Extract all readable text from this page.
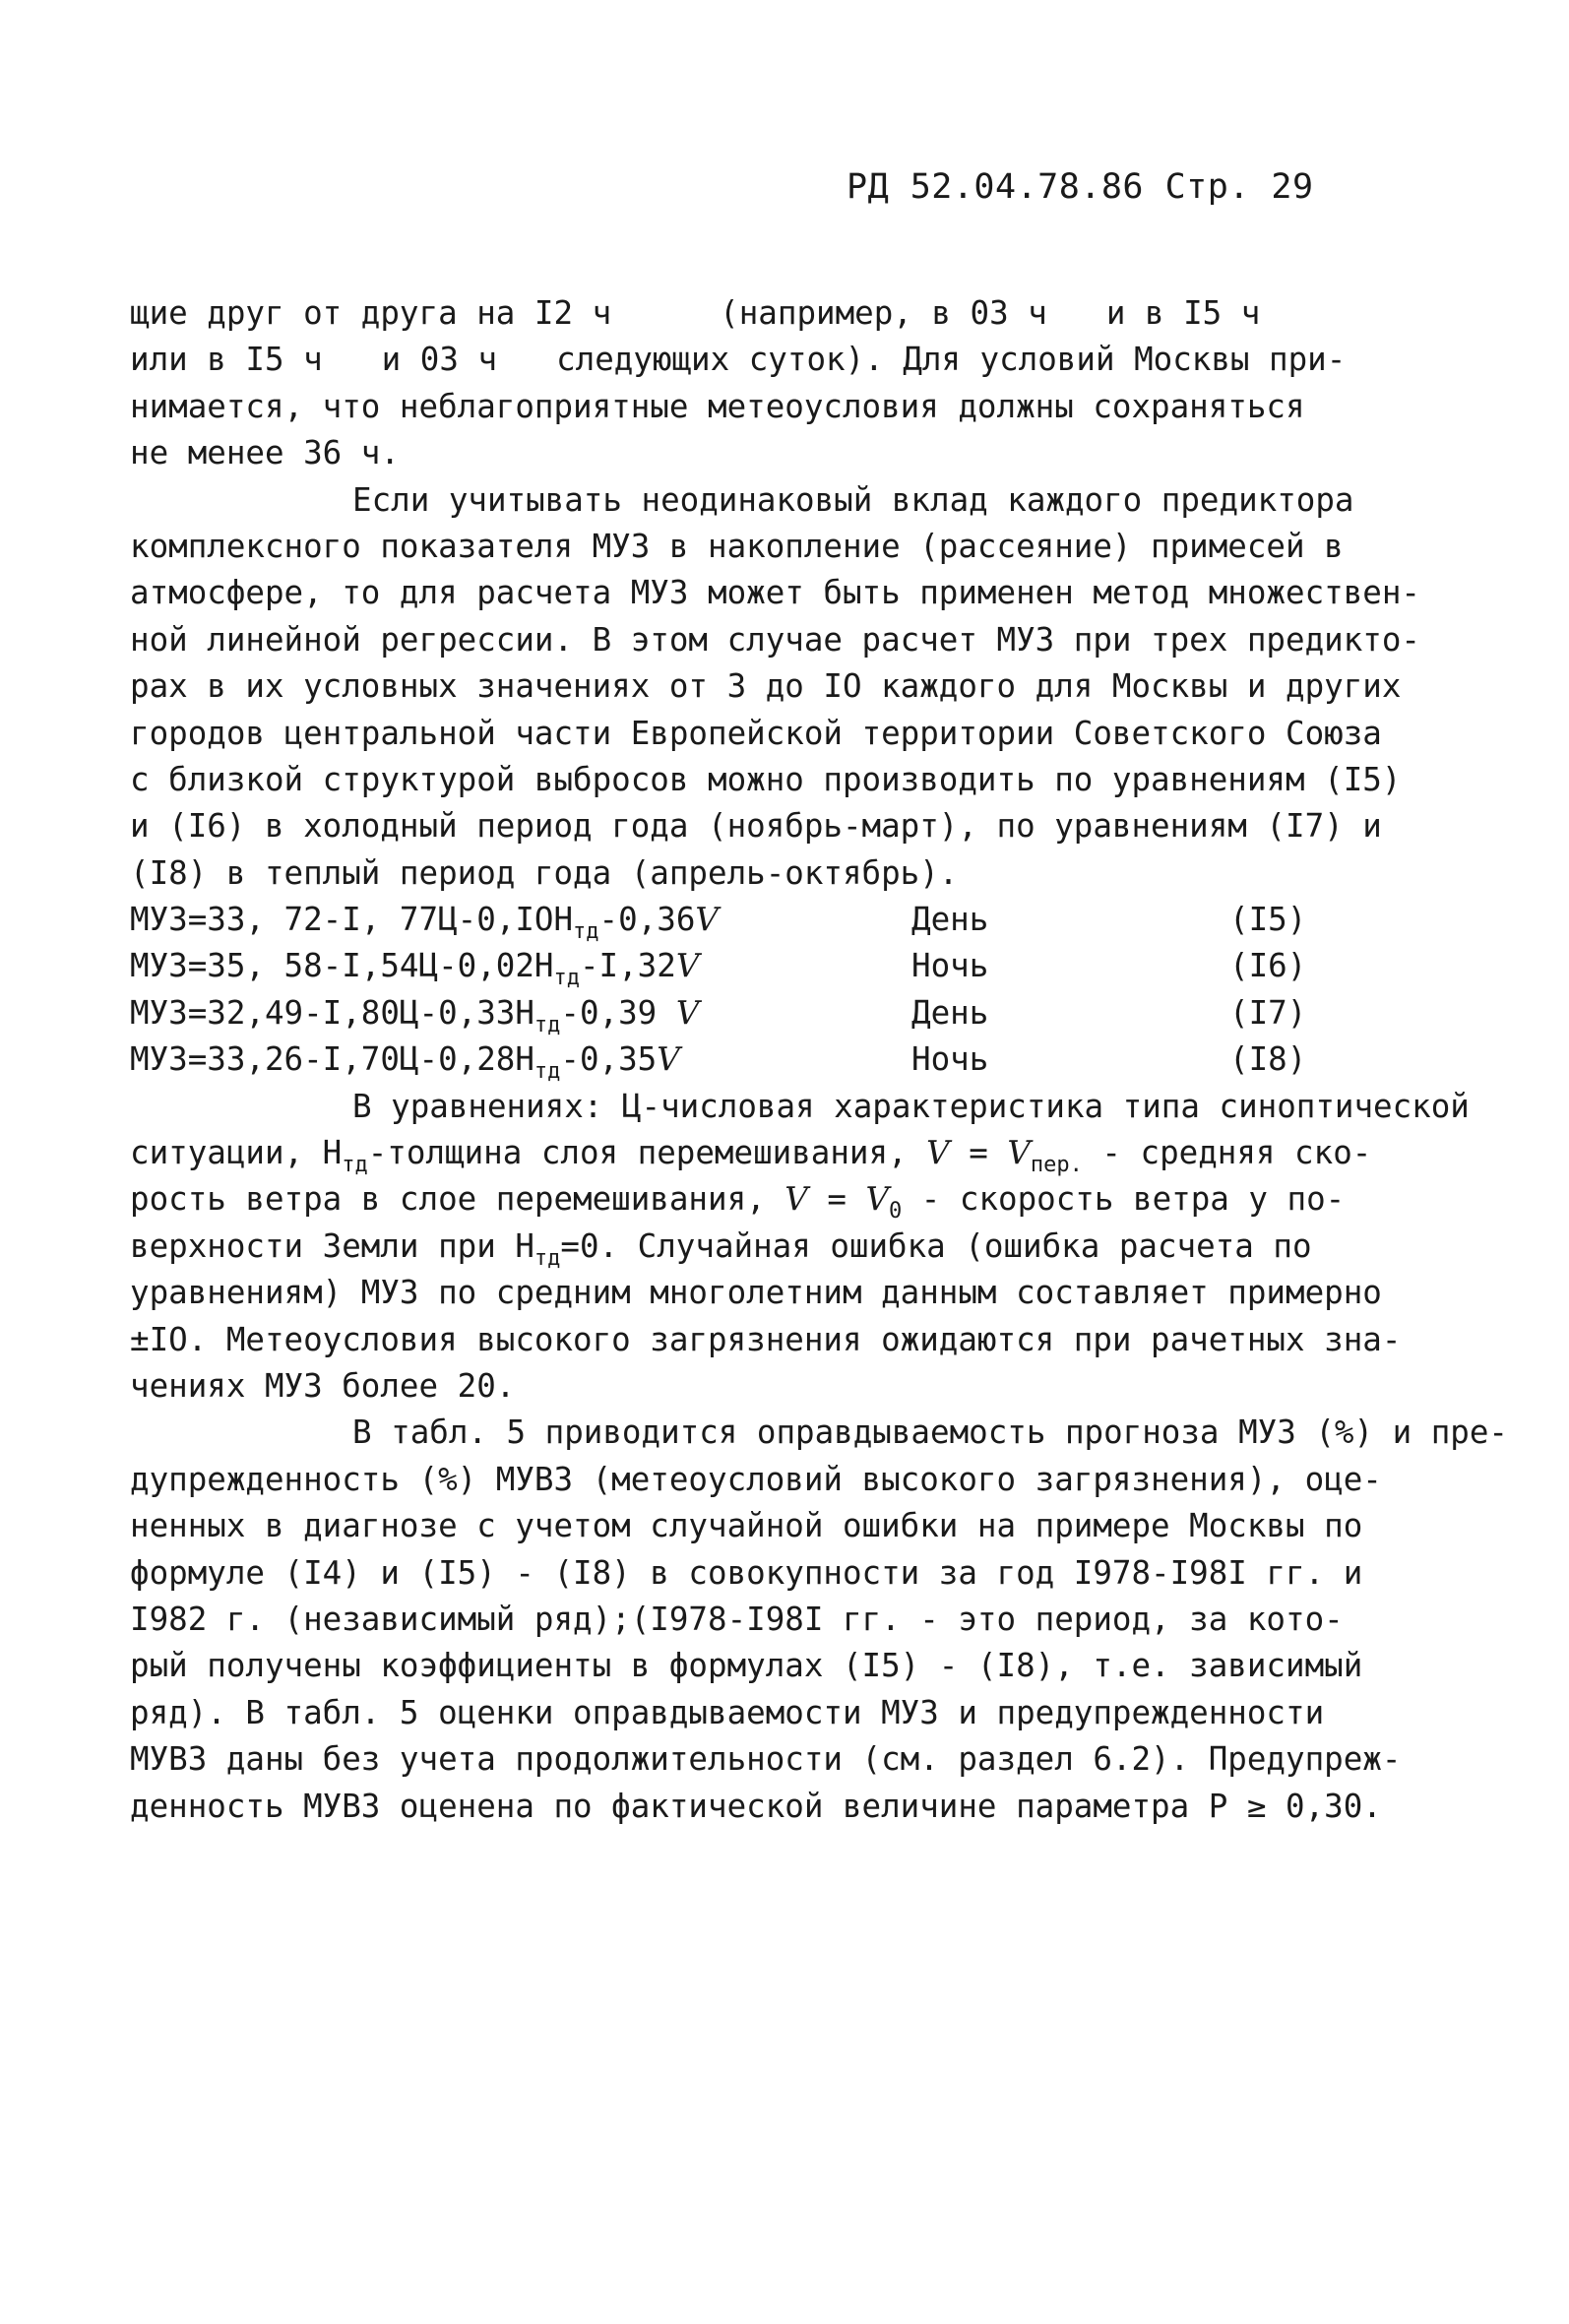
РД 52.04.78.86 Стр. 29
щие друг от друга на I2 ч	(например, в 03 ч и в I5 ч
или в I5 ч и 03 ч следующих суток). Для условий Москвы при-
нимается, что неблагоприятные метеоусловия должны сохраняться
не менее 36 ч.
Если учитывать неодинаковый вклад каждого предиктора
комплексного показателя МУЗ в накопление (рассеяние) примесей в
атмосфере, то для расчета МУЗ может быть применен метод множествен-
ной линейной регрессии. В этом случае расчет МУЗ при трех предикто-
рах в их условных значениях от 3 до IO каждого для Москвы и других
городов центральной части Европейской территории Советского Союза
с близкой структурой выбросов можно производить по уравнениям (I5)
и (I6) в холодный период года (ноябрь-март), по уравнениям (I7) и
(I8) в теплый период года (апрель-октябрь).
МУЗ=33, 72-I, $77Ц-0,IOH_{тд}-0,36V$	День	(I5)
МУЗ=35, $58-I,54Ц-0,02H_{тд}-I,32V$	Ночь	(I6)
$МУЗ=32,49-I,80Ц-0,33H_{тд}-0,39$ V	День	(I7)
$МУЗ=33,26-I,70Ц-0,28H_{тд}-0,35V$	Ночь	(I8)
В уравнениях: Ц-числовая характеристика типа синоптической
ситуации, $H_{тд}$-толщина слоя перемешивания, $V = V_{пер.}$ - средняя ско-
рость ветра в слое перемешивания, $V = V_0$ - скорость ветра у по-
верхности Земли при $H_{тд}=0$. Случайная ошибка (ошибка расчета по
уравнениям) МУЗ по средним многолетним данным составляет примерно
±IO. Метеоусловия высокого загрязнения ожидаются при рачетных зна-
чениях МУЗ более 20.
В табл. 5 приводится оправдываемость прогноза МУЗ (%) и пре-
дупрежденность (%) МУВЗ (метеоусловий высокого загрязнения), оце-
ненных в диагнозе с учетом случайной ошибки на примере Москвы по
формуле (I4) и (I5) - (I8) в совокупности за год I978-I98I гг. и
I982 г. (независимый ряд);(I978-I98I гг. - это период, за кото-
рый получены коэффициенты в формулах (I5) - (I8), т.е. зависимый
ряд). В табл. 5 оценки оправдываемости МУЗ и предупрежденности
МУВЗ даны без учета продолжительности (см. раздел 6.2). Предупреж-
денность МУВЗ оценена по фактической величине параметра P ≥ 0,30.
